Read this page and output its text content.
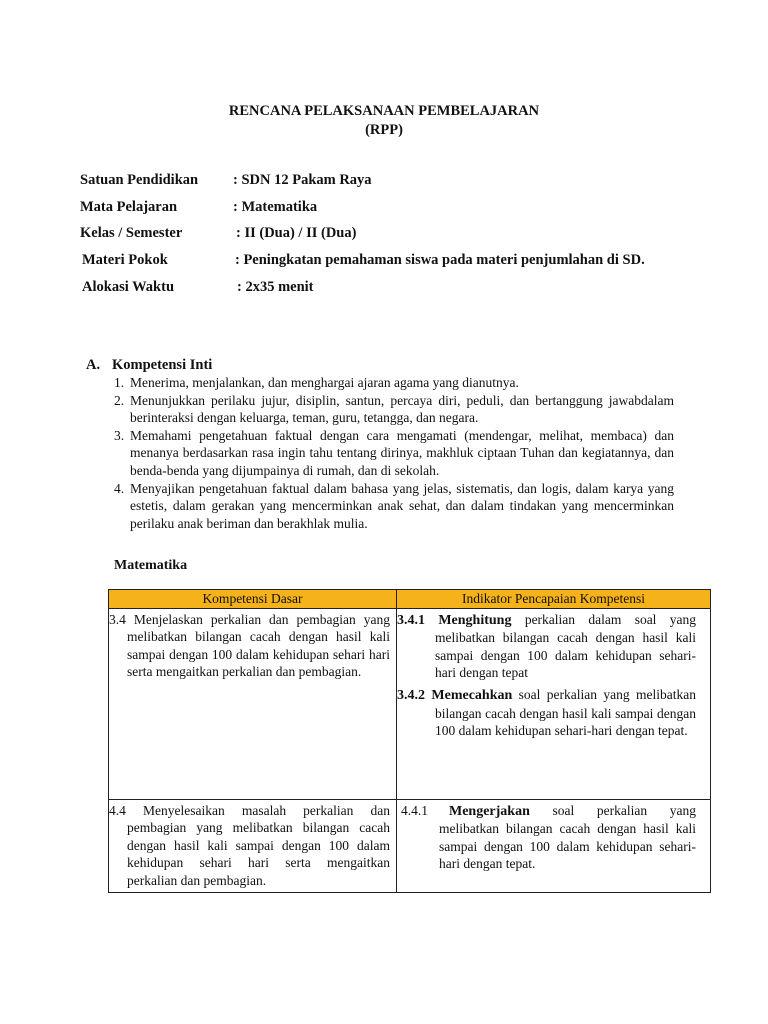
RENCANA PELAKSANAAN PEMBELAJARAN
(RPP)
Satuan Pendidikan : SDN 12 Pakam Raya
Mata Pelajaran	: Matematika
Kelas / Semester	: II (Dua) / II (Dua)
Materi Pokok	: Peningkatan pemahaman siswa pada materi penjumlahan di SD.
Alokasi Waktu	: 2x35 menit
A. Kompetensi Inti
1. Menerima, menjalankan, dan menghargai ajaran agama yang dianutnya.
2. Menunjukkan perilaku jujur, disiplin, santun, percaya diri, peduli, dan bertanggung jawabdalam berinteraksi dengan keluarga, teman, guru, tetangga, dan negara.
3. Memahami pengetahuan faktual dengan cara mengamati (mendengar, melihat, membaca) dan menanya berdasarkan rasa ingin tahu tentang dirinya, makhluk ciptaan Tuhan dan kegiatannya, dan benda-benda yang dijumpainya di rumah, dan di sekolah.
4. Menyajikan pengetahuan faktual dalam bahasa yang jelas, sistematis, dan logis, dalam karya yang estetis, dalam gerakan yang mencerminkan anak sehat, dan dalam tindakan yang mencerminkan perilaku anak beriman dan berakhlak mulia.
Matematika
Kompetensi Dasar	Indikator Pencapaian Kompetensi

3.4 Menjelaskan perkalian dan pembagian yang melibatkan bilangan cacah dengan hasil kali sampai dengan 100 dalam kehidupan sehari hari serta mengaitkan perkalian dan pembagian.	3.4.1 Menghitung perkalian dalam soal yang melibatkan bilangan cacah dengan hasil kali sampai dengan 100 dalam kehidupan sehari-hari dengan tepat
3.4.2 Memecahkan soal perkalian yang melibatkan bilangan cacah dengan hasil kali sampai dengan 100 dalam kehidupan sehari-hari dengan tepat.

4.4 Menyelesaikan masalah perkalian dan pembagian yang melibatkan bilangan cacah dengan hasil kali sampai dengan 100 dalam kehidupan sehari hari serta mengaitkan perkalian dan pembagian.	4.4.1 Mengerjakan soal perkalian yang melibatkan bilangan cacah dengan hasil kali sampai dengan 100 dalam kehidupan sehari-hari dengan tepat.
